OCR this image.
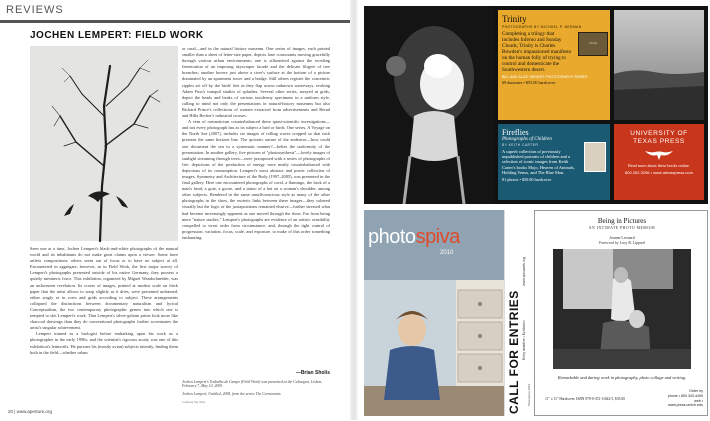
REVIEWS
JOCHEN LEMPERT: FIELD WORK

Seen one at a time, Jochen Lempert's black-and-white photographs of the natural world and its inhabitants do not make great claims upon a viewer. Some have artless compositions; others seem out of focus or to have no subject at all. Encountered in aggregate, however, as in Field Work, the first major survey of Lempert's photographs presented outside of his native Germany, they possess a quietly mesmeric force. This exhibition, organized by Miguel Wandschneider, was an unforeseen revelation. Its scores of images, printed at modest scale on thick paper that the artist allows to warp slightly as it dries, were presented unframed, either singly or in rows and grids according to subject. These arrangements collapsed the distinctions between documentary naturalism and lyrical Conceptualism, the two contemporary photographic genres into which one is tempted to slot Lempert's work. That Lempert's silver-gelatin prints look more like charcoal drawings than they do conventional photographs further accentuates the artist's singular achievement.

Lempert trained as a biologist before embarking upon his work as a photographer in the early 1990s, and the scientist's rigorous acuity was one of this exhibition's leitmotifs. He pursues his (mostly avian) subjects intently, finding them both in the field—whether urban

or rural—and in the natural history museum. One series of images, each printed smaller than a sheet of letter-size paper, depicts lone cormorants moving gracefully through various urban environments; one is silhouetted against the receding fenestration of an imposing skyscraper facade and the delicate filigree of tree branches; another hovers just above a river's surface at the bottom of a picture dominated by an apartment tower and a bridge. Still others register the concentric ripples set off by the birds' feet as they flap across unknown waterways, evoking Adam Fuss's tranquil studies of splashes. Several other series, arrayed in grids, depict the heads and beaks of various taxidermy specimens in a uniform style, calling to mind not only the presentations in natural-history museums but also Richard Prince's collections of women extracted from advertisements and Bernd and Hilla Becher's industrial crosses.

A vein of romanticism counterbalanced these quasi-scientific investigations—and not every photograph has as its subject a bird or birds. One series, A Voyage on the North Sea (2007), includes six images of rolling waves cropped so that each presents the same horizon line. The quixotic nature of the endeavor—how could one document the sea in a systematic manner?—belies the uniformity of the presentation. In another gallery, five pictures of "photosynthesis"—lovely images of sunlight streaming through trees—were juxtaposed with a series of photographs of fire: depictions of the production of energy were neatly counterbalanced with depictions of its consumption. Lempert's most abstract and poetic collection of images, Symmetry and Architecture of the Body (1997–2005), was presented in the final gallery. Here one encountered photographs of coral, a flamingo, the back of a man's head, a goat, a goose, and a tattoo of a bat on a woman's shoulder, among other subjects. Rendered in the same unselfconscious style as many of the other photographs in the show, the esoteric links between these images—they cohered visually but the logic of the juxtapositions remained elusive—further stressed what had become increasingly apparent as one moved through the show. Far from being mere "nature studies," Lempert's photographs are evidence of an artistic sensibility compelled to wrest order from circumstance, and, through the tight control of progression, variation, focus, scale, and exposure, to make of this order something enchanting.

—Brian Sholis
Jochen Lempert's Trabalho de Campo (Field Work) was presented at the Culturgest, Lisbon, February 7–May 10, 2009.
Jochen Lempert, Untitled, 2008, from the series The Cormorants.
Courtesy the artist
20 | www.aperture.org
Trinity
PHOTOGRAPHS BY MICHAEL P. BERMAN
Completing a trilogy that includes Inferno and Sunday Clouds, Trinity is Charles Bowden's impassioned manifesto on the human folly of trying to control and domesticate the Southwestern desert.
BILL AND ALICE WRIGHT PHOTOGRAPHY SERIES
69 duotones • $55.00 hardcover
trinity
Fireflies
Photographs of Children
BY KEITH CARTER
A superb collection of previously unpublished portraits of children and a selection of iconic images from Keith Carter's books Mojo, Heaven of Animals, Holding Venus, and The Blue Man.
81 photos • $50.00 hardcover
UNIVERSITY OF
TEXAS PRESS
Read more about these books online.
800.252.3206 • www.utexaspress.com
photospiva
2010
CALL FOR ENTRIES
www.spivaarts.org
Entry deadline • Exhibition
Photospiva 2010
Being in Pictures
AN INTIMATE PHOTO MEMOIR
Joanne Leonard
Foreword by Lucy R. Lippard
Remarkable and daring work in photography, photo collage and writing.
11" x 11" Hardcover, ISBN 978-0-472-11642-5, $35.00
Order by
phone • 800.343.4499
web • www.press.umich.edu
